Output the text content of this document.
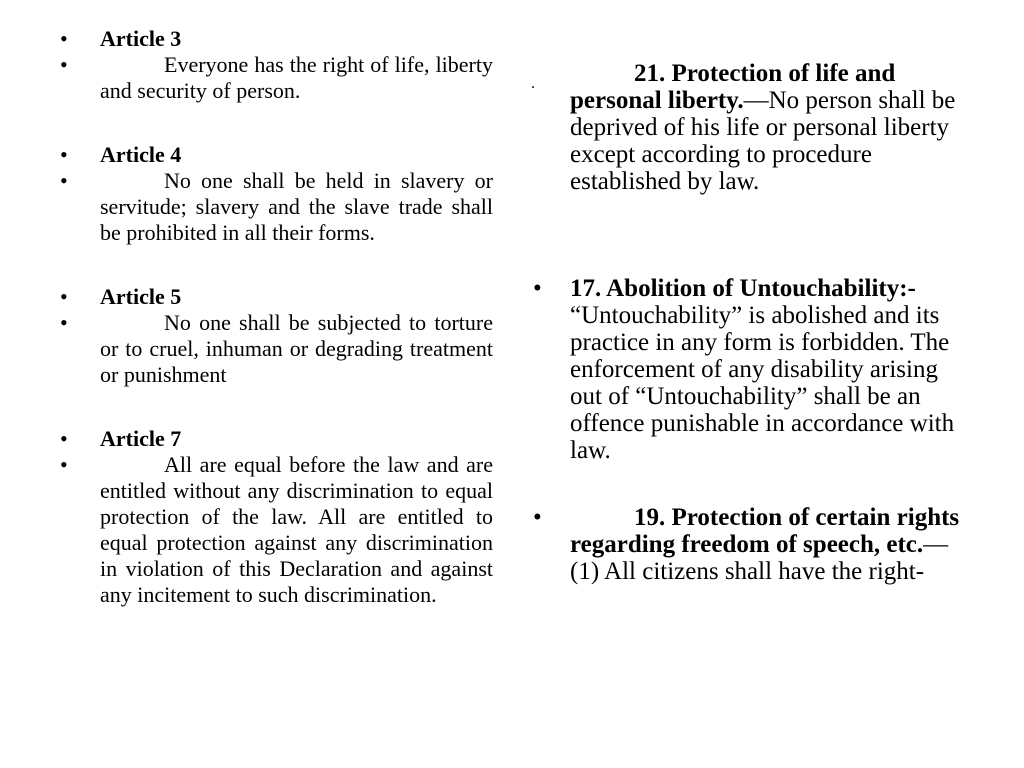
• Article 3
•	Everyone has the right of life, liberty and security of person.
• Article 4
•	No one shall be held in slavery or servitude; slavery and the slave trade shall be prohibited in all their forms.
• Article 5
•	No one shall be subjected to torture or to cruel, inhuman or degrading treatment or punishment
• Article 7
•	All are equal before the law and are entitled without any discrimination to equal protection of the law. All are entitled to equal protection against any discrimination in violation of this Declaration and against any incitement to such discrimination.
.	21. Protection of life and personal liberty.—No person shall be deprived of his life or personal liberty except according to procedure established by law.
• 17. Abolition of Untouchability:- “Untouchability” is abolished and its practice in any form is forbidden. The enforcement of any disability arising out of “Untouchability” shall be an offence punishable in accordance with law.
•	19. Protection of certain rights regarding freedom of speech, etc.—(1) All citizens shall have the right-
